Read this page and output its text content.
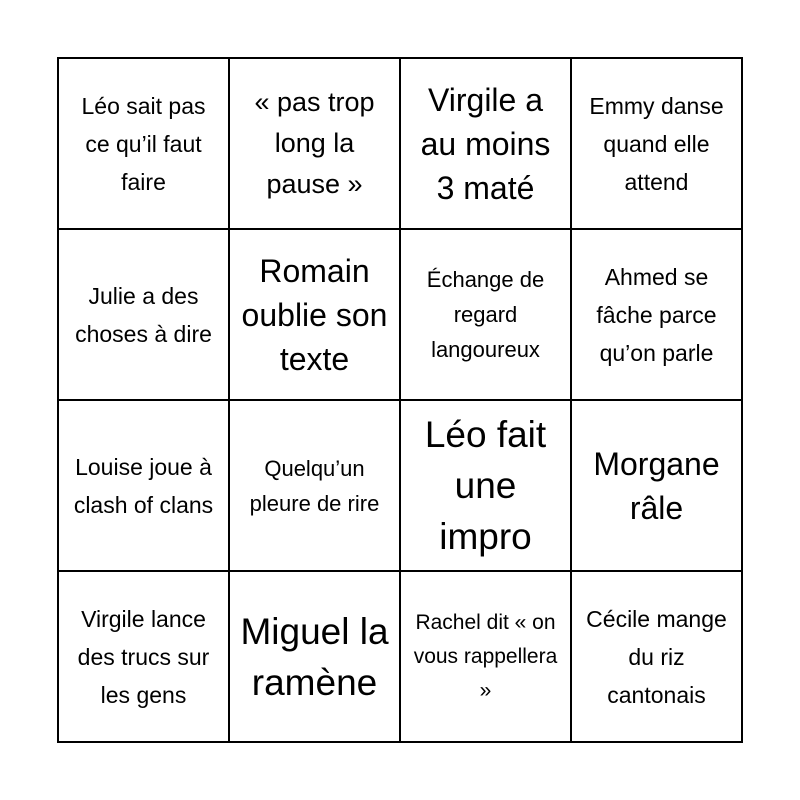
Léo sait pas ce qu’il faut faire
« pas trop long la pause »
Virgile a au moins 3 maté
Emmy danse quand elle attend
Julie a des choses à dire
Romain oublie son texte
Échange de regard langoureux
Ahmed se fâche parce qu’on parle
Louise joue à clash of clans
Quelqu’un pleure de rire
Léo fait une impro
Morgane râle
Virgile lance des trucs sur les gens
Miguel la ramène
Rachel dit « on vous rappellera »
Cécile mange du riz cantonais
